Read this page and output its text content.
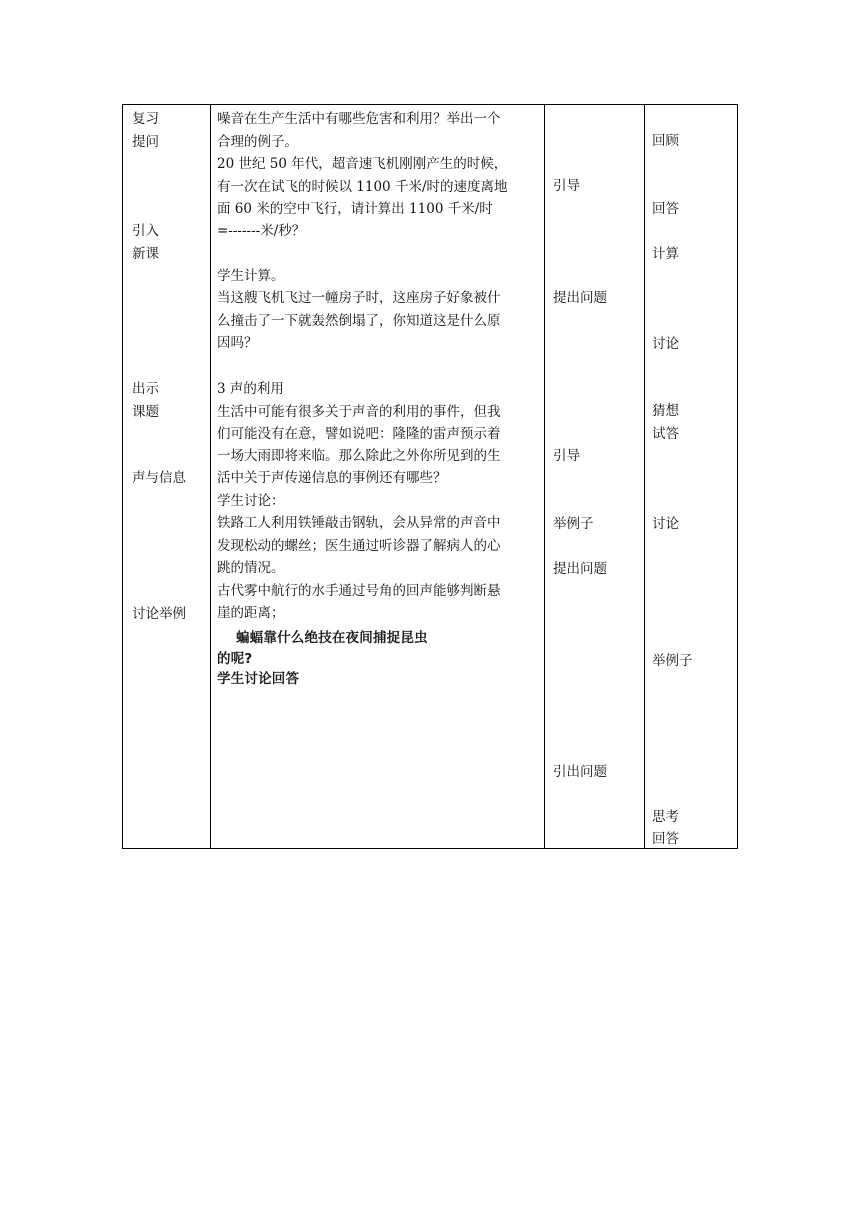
复习
提问
引入
新课
出示
课题
声与信息
讨论举例
噪音在生产生活中有哪些危害和利用？举出一个
合理的例子。
20 世纪 50 年代，超音速飞机刚刚产生的时候，
有一次在试飞的时候以 1100 千米/时的速度离地
面 60 米的空中飞行，请计算出 1100 千米/时
=-------米/秒？
学生计算。
当这艘飞机飞过一幢房子时，这座房子好象被什
么撞击了一下就轰然倒塌了，你知道这是什么原
因吗？
3 声的利用
生活中可能有很多关于声音的利用的事件，但我
们可能没有在意，譬如说吧：隆隆的雷声预示着
一场大雨即将来临。那么除此之外你所见到的生
活中关于声传递信息的事例还有哪些？
学生讨论：
铁路工人利用铁锤敲击钢轨，会从异常的声音中
发现松动的螺丝；医生通过听诊器了解病人的心
跳的情况。
古代雾中航行的水手通过号角的回声能够判断悬
崖的距离；
蝙蝠靠什么绝技在夜间捕捉昆虫
的呢?
学生讨论回答
引导
提出问题
引导
举例子
提出问题
引出问题
回顾
回答
计算
讨论
猜想
试答
讨论
举例子
思考
回答
